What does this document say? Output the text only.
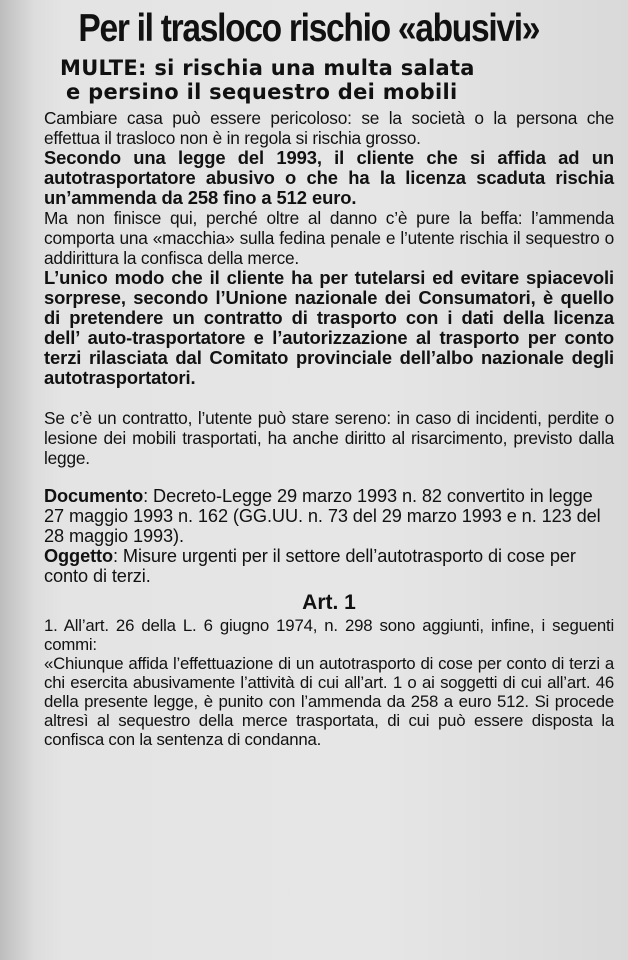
Per il trasloco rischio «abusivi»
MULTE: si rischia una multa salata
e persino il sequestro dei mobili

Cambiare casa può essere pericoloso: se la società o la persona che effettua il trasloco non è in regola si rischia grosso.

Secondo una legge del 1993, il cliente che si affida ad un autotrasportatore abusivo o che ha la licenza scaduta rischia un’ammenda da 258 fino a 512 euro.

Ma non finisce qui, perché oltre al danno c’è pure la beffa: l’ammenda comporta una «macchia» sulla fedina penale e l’utente rischia il sequestro o addirittura la confisca della merce.

L’unico modo che il cliente ha per tutelarsi ed evitare spiacevoli sorprese, secondo l’Unione nazionale dei Consumatori, è quello di pretendere un contratto di trasporto con i dati della licenza dell’ auto-trasportatore e l’autorizzazione al trasporto per conto terzi rilasciata dal Comitato provinciale dell’albo nazionale degli autotrasportatori.

Se c’è un contratto, l’utente può stare sereno: in caso di incidenti, perdite o lesione dei mobili trasportati, ha anche diritto al risarcimento, previsto dalla legge.

Documento: Decreto-Legge 29 marzo 1993 n. 82 convertito in legge 27 maggio 1993 n. 162 (GG.UU. n. 73 del 29 marzo 1993 e n. 123 del 28 maggio 1993).

Oggetto: Misure urgenti per il settore dell’autotrasporto di cose per conto di terzi.

Art. 1

1. All’art. 26 della L. 6 giugno 1974, n. 298 sono aggiunti, infine, i seguenti commi:

«Chiunque affida l’effettuazione di un autotrasporto di cose per conto di terzi a chi esercita abusivamente l’attività di cui all’art. 1 o ai soggetti di cui all’art. 46 della presente legge, è punito con l’ammenda da 258 a euro 512. Si procede altresì al sequestro della merce trasportata, di cui può essere disposta la confisca con la sentenza di condanna.
